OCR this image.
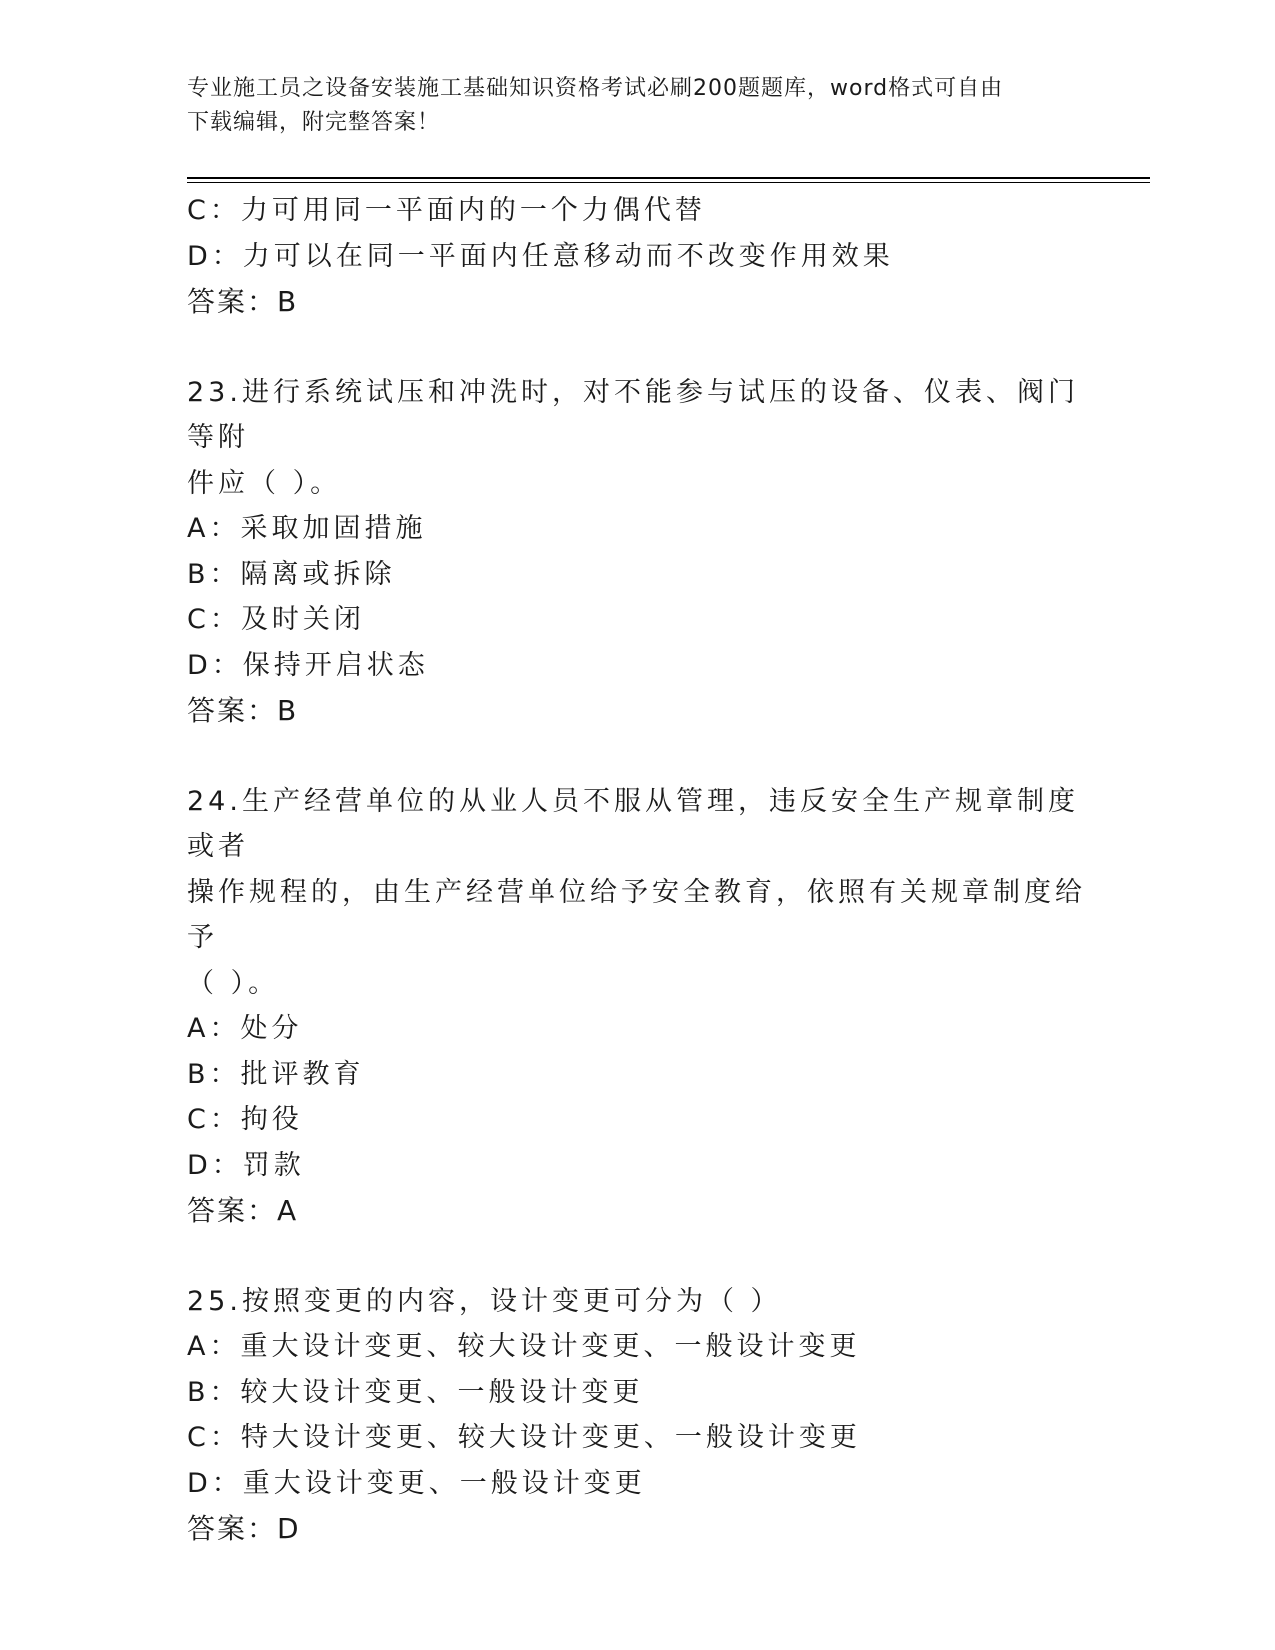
专业施工员之设备安装施工基础知识资格考试必刷200题题库，word格式可自由
下载编辑，附完整答案！

C：力可用同一平面内的一个力偶代替

D：力可以在同一平面内任意移动而不改变作用效果

答案：B

23.进行系统试压和冲洗时，对不能参与试压的设备、仪表、阀门等附

件应（ ）。

A：采取加固措施

B：隔离或拆除

C：及时关闭

D：保持开启状态

答案：B

24.生产经营单位的从业人员不服从管理，违反安全生产规章制度或者

操作规程的，由生产经营单位给予安全教育，依照有关规章制度给予

（ ）。

A：处分

B：批评教育

C：拘役

D：罚款

答案：A

25.按照变更的内容，设计变更可分为（ ）

A：重大设计变更、较大设计变更、一般设计变更

B：较大设计变更、一般设计变更

C：特大设计变更、较大设计变更、一般设计变更

D：重大设计变更、一般设计变更

答案：D
